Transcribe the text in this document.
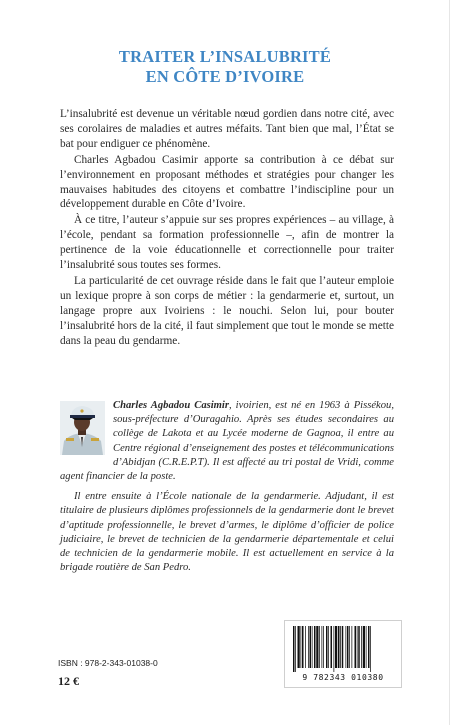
TRAITER L’INSALUBRITÉ
EN CÔTE D’IVOIRE

L’insalubrité est devenue un véritable nœud gordien dans notre cité, avec ses corolaires de maladies et autres méfaits. Tant bien que mal, l’État se bat pour endiguer ce phénomène.

Charles Agbadou Casimir apporte sa contribution à ce débat sur l’environnement en proposant méthodes et stratégies pour changer les mauvaises habitudes des citoyens et combattre l’indiscipline pour un développement durable en Côte d’Ivoire.

À ce titre, l’auteur s’appuie sur ses propres expériences – au village, à l’école, pendant sa formation professionnelle –, afin de montrer la pertinence de la voie éducationnelle et correctionnelle pour traiter l’insalubrité sous toutes ses formes.

La particularité de cet ouvrage réside dans le fait que l’auteur emploie un lexique propre à son corps de métier : la gendarmerie et, surtout, un langage propre aux Ivoiriens : le nouchi. Selon lui, pour bouter l’insalubrité hors de la cité, il faut simplement que tout le monde se mette dans la peau du gendarme.

Charles Agbadou Casimir, ivoirien, est né en 1963 à Pissékou, sous-préfecture d’Ouragahio. Après ses études secondaires au collège de Lakota et au Lycée moderne de Gagnoa, il entre au Centre régional d’enseignement des postes et télécommunications d’Abidjan (C.R.E.P.T). Il est affecté au tri postal de Vridi, comme agent financier de la poste.

Il entre ensuite à l’École nationale de la gendarmerie. Adjudant, il est titulaire de plusieurs diplômes professionnels de la gendarmerie dont le brevet d’aptitude professionnelle, le brevet d’armes, le diplôme d’officier de police judiciaire, le brevet de technicien de la gendarmerie départementale et celui de technicien de la gendarmerie mobile. Il est actuellement en service à la brigade routière de San Pedro.

9 782343 010380
ISBN : 978-2-343-01038-0
12 €
